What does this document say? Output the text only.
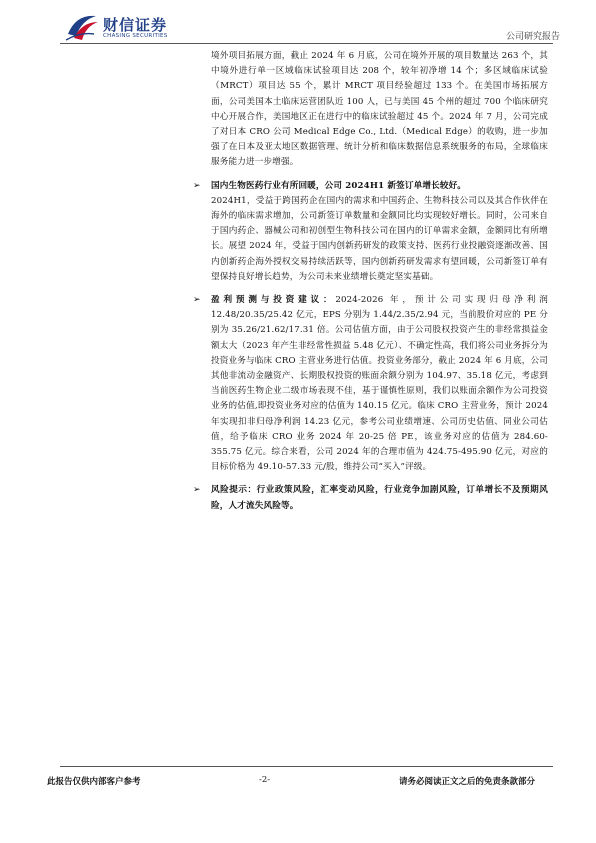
财信证券
CHASING SECURITIES	公司研究报告

境外项目拓展方面，截止 2024 年 6 月底，公司在境外开展的项目数量达 263 个，其中境外进行单一区域临床试验项目达 208 个，较年初净增 14 个；多区域临床试验（MRCT）项目达 55 个，累计 MRCT 项目经验超过 133 个。在美国市场拓展方面，公司美国本土临床运营团队近 100 人，已与美国 45 个州的超过 700 个临床研究中心开展合作，美国地区正在进行中的临床试验超过 45 个。2024 年 7 月，公司完成了对日本 CRO 公司 Medical Edge Co., Ltd.（Medical Edge）的收购，进一步加强了在日本及亚太地区数据管理、统计分析和临床数据信息系统服务的布局，全球临床服务能力进一步增强。

➢ 国内生物医药行业有所回暖，公司 2024H1 新签订单增长较好。
2024H1，受益于跨国药企在国内的需求和中国药企、生物科技公司以及其合作伙伴在海外的临床需求增加，公司新签订单数量和金额同比均实现较好增长。同时，公司来自于国内药企、器械公司和初创型生物科技公司在国内的订单需求金额，金额同比有所增长。展望 2024 年，受益于国内创新药研发的政策支持、医药行业投融资逐渐改善、国内创新药企海外授权交易持续活跃等，国内创新药研发需求有望回暖，公司新签订单有望保持良好增长趋势，为公司未来业绩增长奠定坚实基础。

➢ 盈利预测与投资建议：2024-2026 年，预计公司实现归母净利润 12.48/20.35/25.42 亿元，EPS 分别为 1.44/2.35/2.94 元，当前股价对应的 PE 分别为 35.26/21.62/17.31 倍。公司估值方面，由于公司股权投资产生的非经常损益金额太大（2023 年产生非经常性损益 5.48 亿元）、不确定性高，我们将公司业务拆分为投资业务与临床 CRO 主营业务进行估值。投资业务部分，截止 2024 年 6 月底，公司其他非流动金融资产、长期股权投资的账面余额分别为 104.97、35.18 亿元，考虑到当前医药生物企业二级市场表现不佳，基于谨慎性原则，我们以账面余额作为公司投资业务的估值,即投资业务对应的估值为 140.15 亿元。临床 CRO 主营业务，预计 2024 年实现扣非归母净利润 14.23 亿元，参考公司业绩增速、公司历史估值、同业公司估值，给予临床 CRO 业务 2024 年 20-25 倍 PE，该业务对应的估值为 284.60-355.75 亿元。综合来看，公司 2024 年的合理市值为 424.75-495.90 亿元，对应的目标价格为 49.10-57.33 元/股，维持公司“买入”评级。

➢ 风险提示：行业政策风险，汇率变动风险，行业竞争加剧风险，订单增长不及预期风险，人才流失风险等。

此报告仅供内部客户参考	-2-	请务必阅读正文之后的免责条款部分
